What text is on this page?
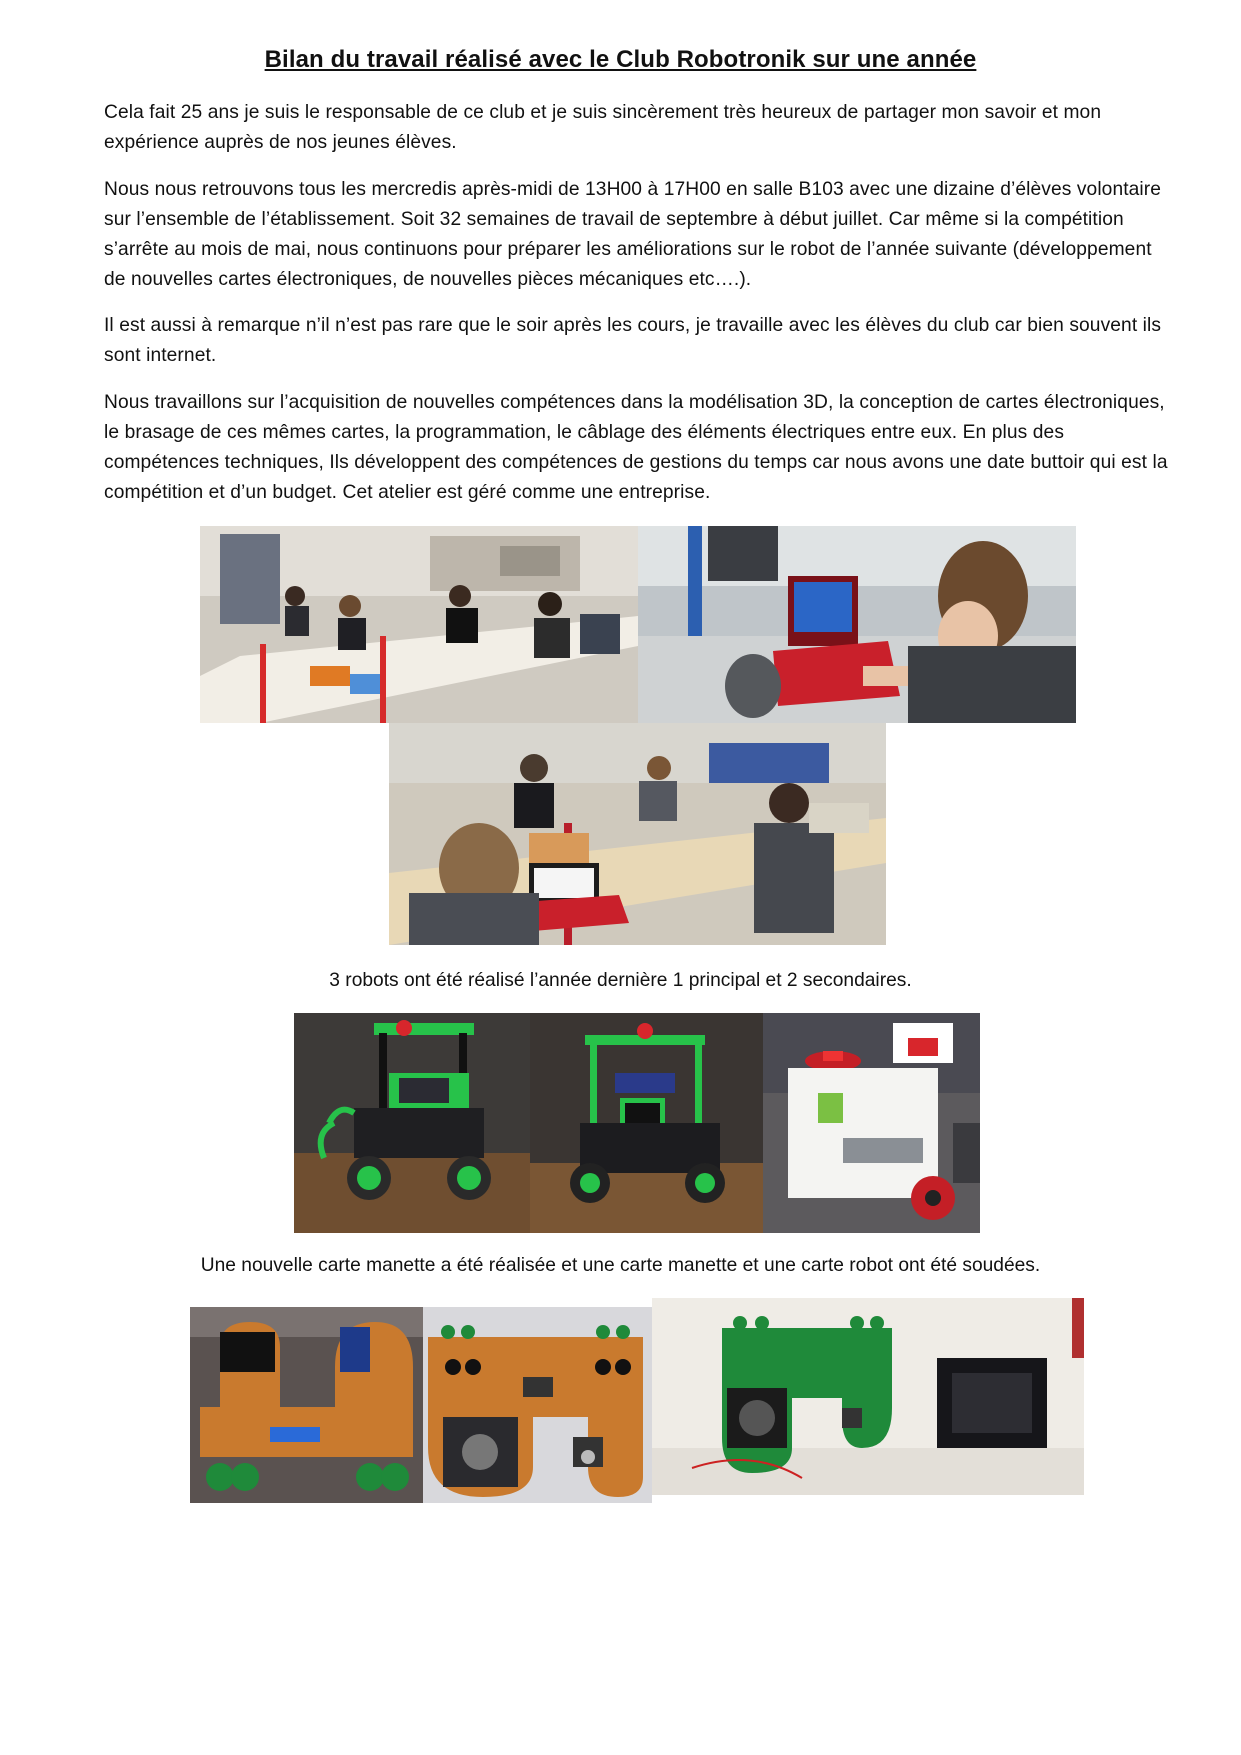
Bilan du travail réalisé avec le Club Robotronik sur une année

Cela fait 25 ans je suis le responsable de ce club et je suis sincèrement très heureux de partager mon savoir et mon expérience auprès de nos jeunes élèves.

Nous nous retrouvons tous les mercredis après-midi de 13H00 à 17H00 en salle B103 avec une dizaine d’élèves volontaire sur l’ensemble de l’établissement. Soit 32 semaines de travail de septembre à début juillet. Car même si la compétition s’arrête au mois de mai, nous continuons pour préparer les améliorations sur le robot de l’année suivante (développement de nouvelles cartes électroniques, de nouvelles pièces mécaniques etc….).

Il est aussi à remarque n’il n’est pas rare que le soir après les cours, je travaille avec les élèves du club car bien souvent ils sont internet.

Nous travaillons sur l’acquisition de nouvelles compétences dans la modélisation 3D, la conception de cartes électroniques, le brasage de ces mêmes cartes, la programmation, le câblage des éléments électriques entre eux. En plus des compétences techniques, Ils développent des compétences de gestions du temps car nous avons une date buttoir qui est la compétition et d’un budget. Cet atelier est géré comme une entreprise.

3 robots ont été réalisé l’année dernière 1 principal et 2 secondaires.
Une nouvelle carte manette a été réalisée et une carte manette et une carte robot ont été soudées.
